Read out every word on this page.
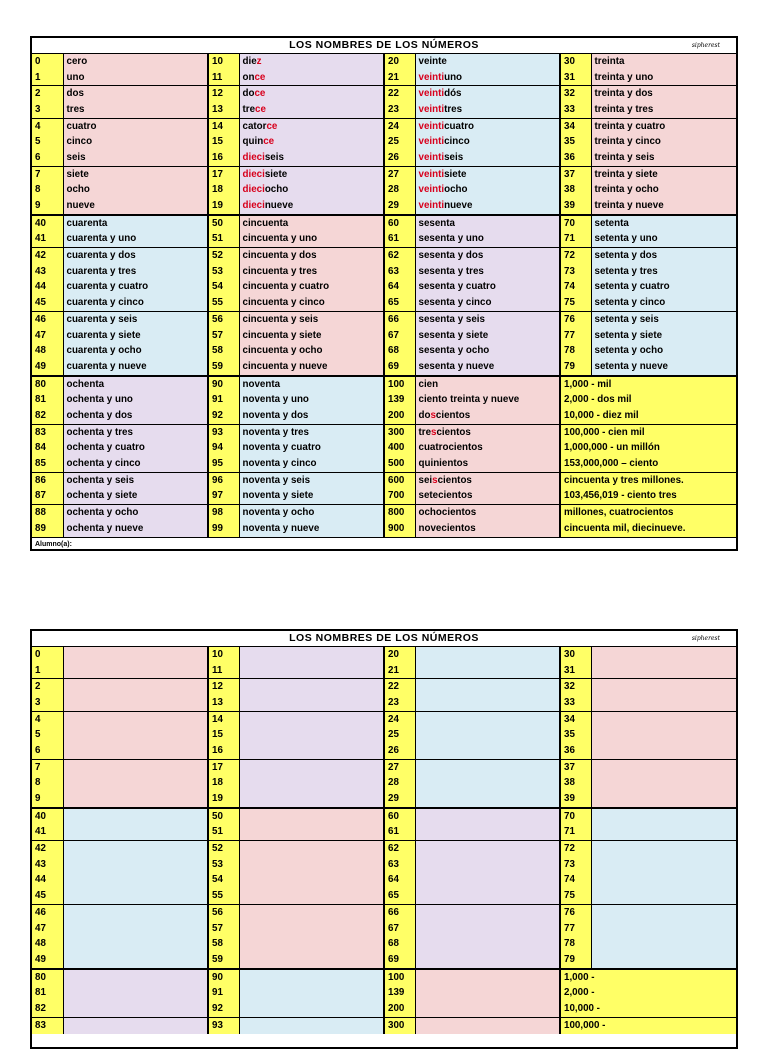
LOS NOMBRES DE LOS NÚMEROS	sipherest
0	cero	10	diez	20	veinte	30	treinta
1	uno	11	once	21	veintiuno	31	treinta y uno
2	dos	12	doce	22	veintidós	32	treinta y dos
3	tres	13	trece	23	veintitres	33	treinta y tres
4	cuatro	14	catorce	24	veinticuatro	34	treinta y cuatro
5	cinco	15	quince	25	veinticinco	35	treinta y cinco
6	seis	16	dieciseis	26	veintiseis	36	treinta y seis
7	siete	17	diecisiete	27	veintisiete	37	treinta y siete
8	ocho	18	dieciocho	28	veintiocho	38	treinta y ocho
9	nueve	19	diecinueve	29	veintinueve	39	treinta y nueve
40	cuarenta	50	cincuenta	60	sesenta	70	setenta
41	cuarenta y uno	51	cincuenta y uno	61	sesenta y uno	71	setenta y uno
42	cuarenta y dos	52	cincuenta y dos	62	sesenta y dos	72	setenta y dos
43	cuarenta y tres	53	cincuenta y tres	63	sesenta y tres	73	setenta y tres
44	cuarenta y cuatro	54	cincuenta y cuatro	64	sesenta y cuatro	74	setenta y cuatro
45	cuarenta y cinco	55	cincuenta y cinco	65	sesenta y cinco	75	setenta y cinco
46	cuarenta y seis	56	cincuenta y seis	66	sesenta y seis	76	setenta y seis
47	cuarenta y siete	57	cincuenta y siete	67	sesenta y siete	77	setenta y siete
48	cuarenta y ocho	58	cincuenta y ocho	68	sesenta y ocho	78	setenta y ocho
49	cuarenta y nueve	59	cincuenta y nueve	69	sesenta y nueve	79	setenta y nueve
80	ochenta	90	noventa	100	cien	1,000 - mil	
81	ochenta y uno	91	noventa y uno	139	ciento treinta y nueve	2,000 - dos mil	
82	ochenta y dos	92	noventa y dos	200	doscientos	10,000 - diez mil	
83	ochenta y tres	93	noventa y tres	300	trescientos	100,000 - cien mil	
84	ochenta y cuatro	94	noventa y cuatro	400	cuatrocientos	1,000,000 - un millón	
85	ochenta y cinco	95	noventa y cinco	500	quinientos	153,000,000 – ciento	
86	ochenta y seis	96	noventa y seis	600	seiscientos	cincuenta y tres millones.	
87	ochenta y siete	97	noventa y siete	700	setecientos	103,456,019 - ciento tres	
88	ochenta y ocho	98	noventa y ocho	800	ochocientos	millones, cuatrocientos	
89	ochenta y nueve	99	noventa y nueve	900	novecientos	cincuenta mil, diecinueve.	
Alumno(a):
LOS NOMBRES DE LOS NÚMEROS	sipherest
0		10		20		30	
1		11		21		31	
2		12		22		32	
3		13		23		33	
4		14		24		34	
5		15		25		35	
6		16		26		36	
7		17		27		37	
8		18		28		38	
9		19		29		39	
40		50		60		70	
41		51		61		71	
42		52		62		72	
43		53		63		73	
44		54		64		74	
45		55		65		75	
46		56		66		76	
47		57		67		77	
48		58		68		78	
49		59		69		79	
80		90		100		1,000 -	
81		91		139		2,000 -	
82		92		200		10,000 -	
83		93		300		100,000 -	
